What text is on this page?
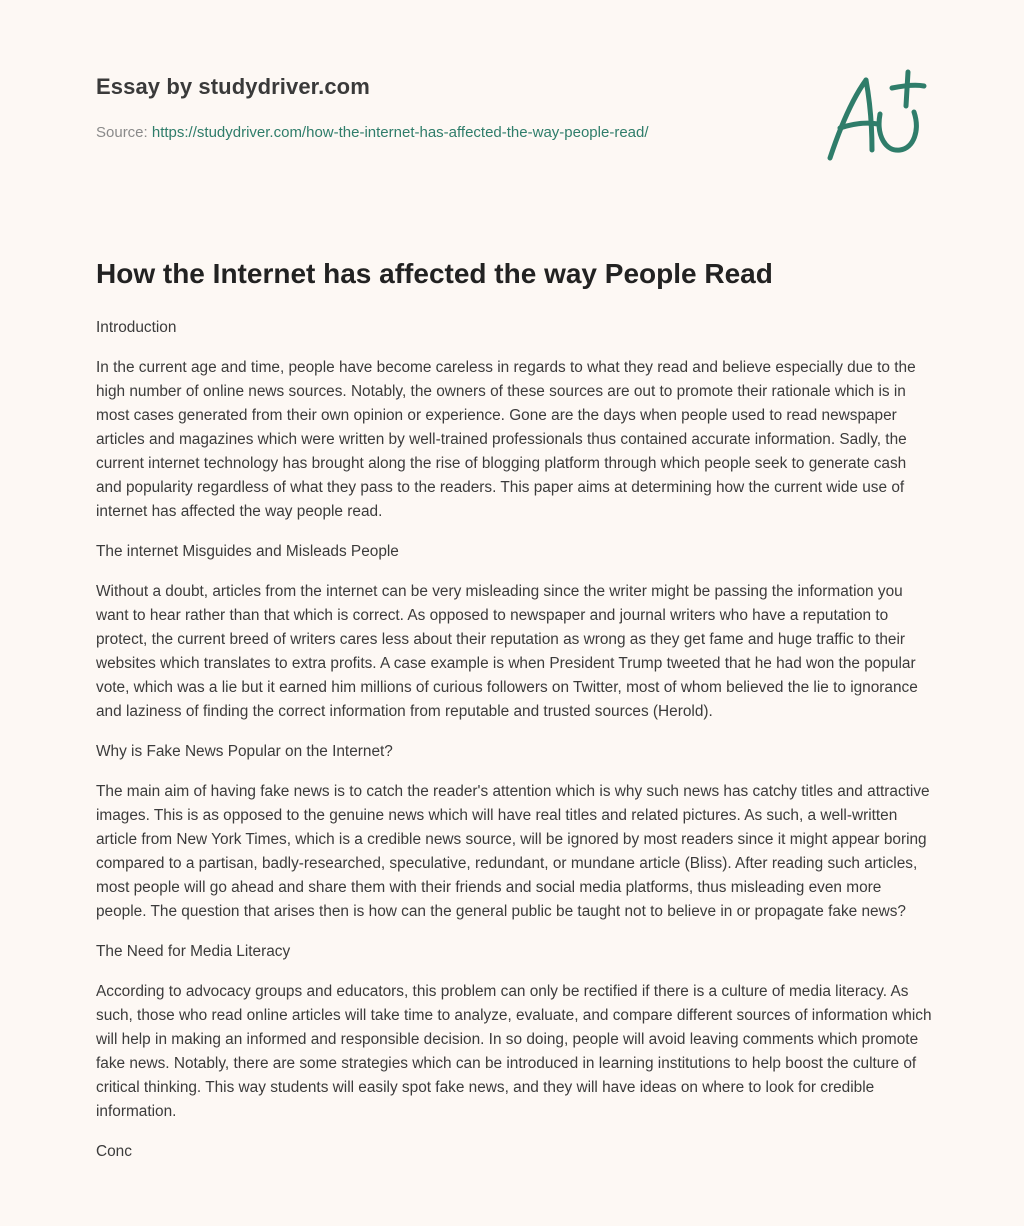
Essay by studydriver.com
Source: https://studydriver.com/how-the-internet-has-affected-the-way-people-read/
How the Internet has affected the way People Read

Introduction

In the current age and time, people have become careless in regards to what they read and believe especially due to the high number of online news sources. Notably, the owners of these sources are out to promote their rationale which is in most cases generated from their own opinion or experience. Gone are the days when people used to read newspaper articles and magazines which were written by well-trained professionals thus contained accurate information. Sadly, the current internet technology has brought along the rise of blogging platform through which people seek to generate cash and popularity regardless of what they pass to the readers. This paper aims at determining how the current wide use of internet has affected the way people read.

The internet Misguides and Misleads People

Without a doubt, articles from the internet can be very misleading since the writer might be passing the information you want to hear rather than that which is correct. As opposed to newspaper and journal writers who have a reputation to protect, the current breed of writers cares less about their reputation as wrong as they get fame and huge traffic to their websites which translates to extra profits. A case example is when President Trump tweeted that he had won the popular vote, which was a lie but it earned him millions of curious followers on Twitter, most of whom believed the lie to ignorance and laziness of finding the correct information from reputable and trusted sources (Herold).

Why is Fake News Popular on the Internet?

The main aim of having fake news is to catch the reader's attention which is why such news has catchy titles and attractive images. This is as opposed to the genuine news which will have real titles and related pictures. As such, a well-written article from New York Times, which is a credible news source, will be ignored by most readers since it might appear boring compared to a partisan, badly-researched, speculative, redundant, or mundane article (Bliss). After reading such articles, most people will go ahead and share them with their friends and social media platforms, thus misleading even more people. The question that arises then is how can the general public be taught not to believe in or propagate fake news?

The Need for Media Literacy

According to advocacy groups and educators, this problem can only be rectified if there is a culture of media literacy. As such, those who read online articles will take time to analyze, evaluate, and compare different sources of information which will help in making an informed and responsible decision. In so doing, people will avoid leaving comments which promote fake news. Notably, there are some strategies which can be introduced in learning institutions to help boost the culture of critical thinking. This way students will easily spot fake news, and they will have ideas on where to look for credible information.

Conc
